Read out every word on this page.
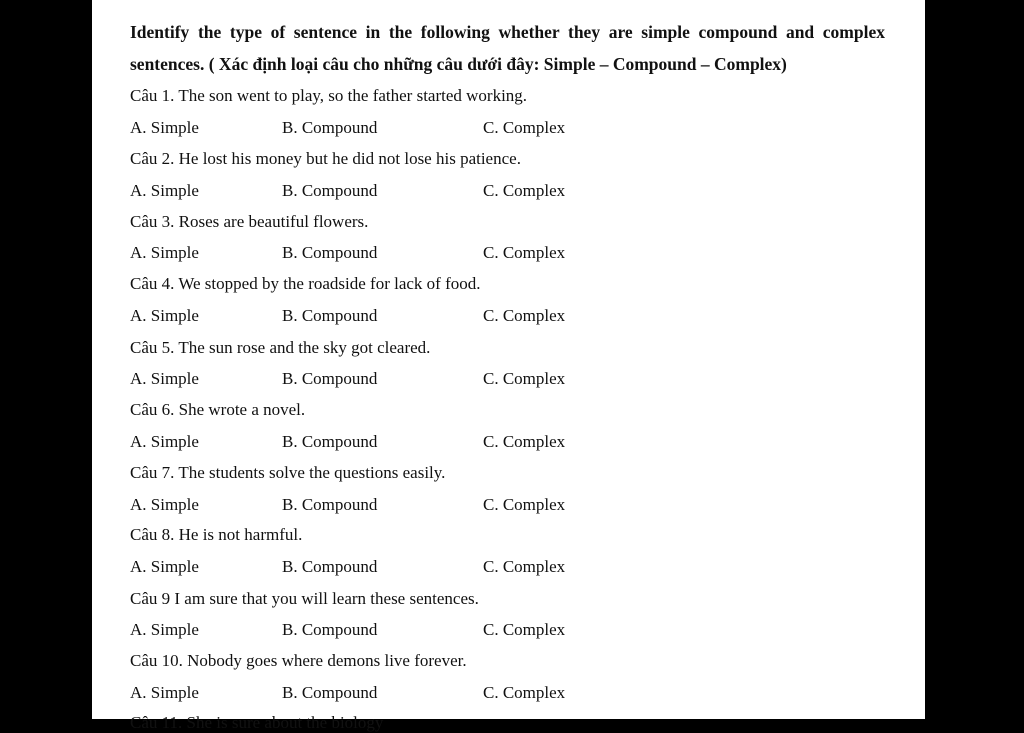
Identify the type of sentence in the following whether they are simple compound and complex
sentences. ( Xác định loại câu cho những câu dưới đây: Simple – Compound – Complex)
Câu 1. The son went to play, so the father started working.
A. Simple	B. Compound	C. Complex
Câu 2. He lost his money but he did not lose his patience.
A. Simple	B. Compound	C. Complex
Câu 3. Roses are beautiful flowers.
A. Simple	B. Compound	C. Complex
Câu 4. We stopped by the roadside for lack of food.
A. Simple	B. Compound	C. Complex
Câu 5. The sun rose and the sky got cleared.
A. Simple	B. Compound	C. Complex
Câu 6. She wrote a novel.
A. Simple	B. Compound	C. Complex
Câu 7. The students solve the questions easily.
A. Simple	B. Compound	C. Complex
Câu 8. He is not harmful.
A. Simple	B. Compound	C. Complex
Câu 9 I am sure that you will learn these sentences.
A. Simple	B. Compound	C. Complex
Câu 10. Nobody goes where demons live forever.
A. Simple	B. Compound	C. Complex
Câu 11. She is sure about the biology
